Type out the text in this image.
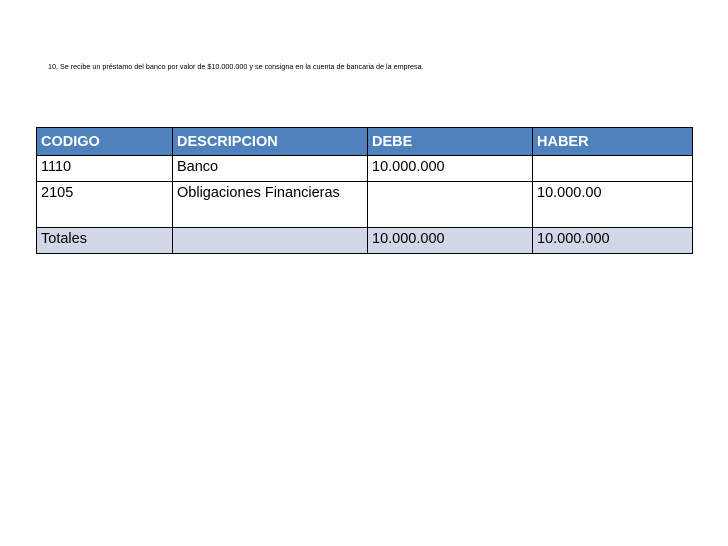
10. Se recibe un préstamo del banco por valor de $10.000.000 y se consigna en la cuenta de bancaria de la empresa.
CODIGO	DESCRIPCION	DEBE	HABER
1110	Banco	10.000.000	
2105	Obligaciones Financieras		10.000.00
Totales		10.000.000	10.000.000
